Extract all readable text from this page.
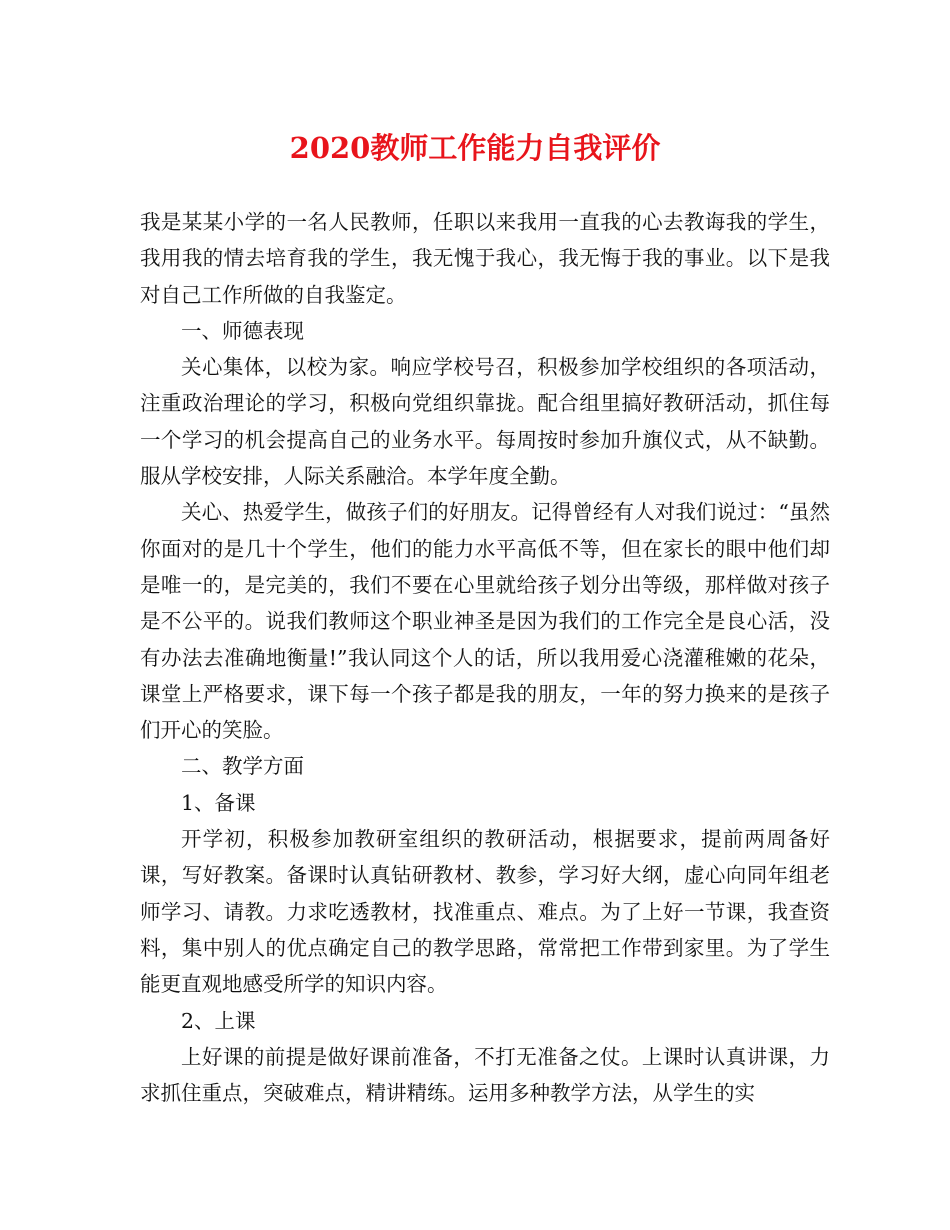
2020教师工作能力自我评价

我是某某小学的一名人民教师，任职以来我用一直我的心去教诲我的学生，我用我的情去培育我的学生，我无愧于我心，我无悔于我的事业。以下是我对自己工作所做的自我鉴定。

一、师德表现

关心集体，以校为家。响应学校号召，积极参加学校组织的各项活动，注重政治理论的学习，积极向党组织靠拢。配合组里搞好教研活动，抓住每一个学习的机会提高自己的业务水平。每周按时参加升旗仪式，从不缺勤。服从学校安排，人际关系融洽。本学年度全勤。

关心、热爱学生，做孩子们的好朋友。记得曾经有人对我们说过：“虽然你面对的是几十个学生，他们的能力水平高低不等，但在家长的眼中他们却是唯一的，是完美的，我们不要在心里就给孩子划分出等级，那样做对孩子是不公平的。说我们教师这个职业神圣是因为我们的工作完全是良心活，没有办法去准确地衡量!”我认同这个人的话，所以我用爱心浇灌稚嫩的花朵，课堂上严格要求，课下每一个孩子都是我的朋友，一年的努力换来的是孩子们开心的笑脸。

二、教学方面

1、备课

开学初，积极参加教研室组织的教研活动，根据要求，提前两周备好课，写好教案。备课时认真钻研教材、教参，学习好大纲，虚心向同年组老师学习、请教。力求吃透教材，找准重点、难点。为了上好一节课，我查资料，集中别人的优点确定自己的教学思路，常常把工作带到家里。为了学生能更直观地感受所学的知识内容。

2、上课

上好课的前提是做好课前准备，不打无准备之仗。上课时认真讲课，力求抓住重点，突破难点，精讲精练。运用多种教学方法，从学生的实
